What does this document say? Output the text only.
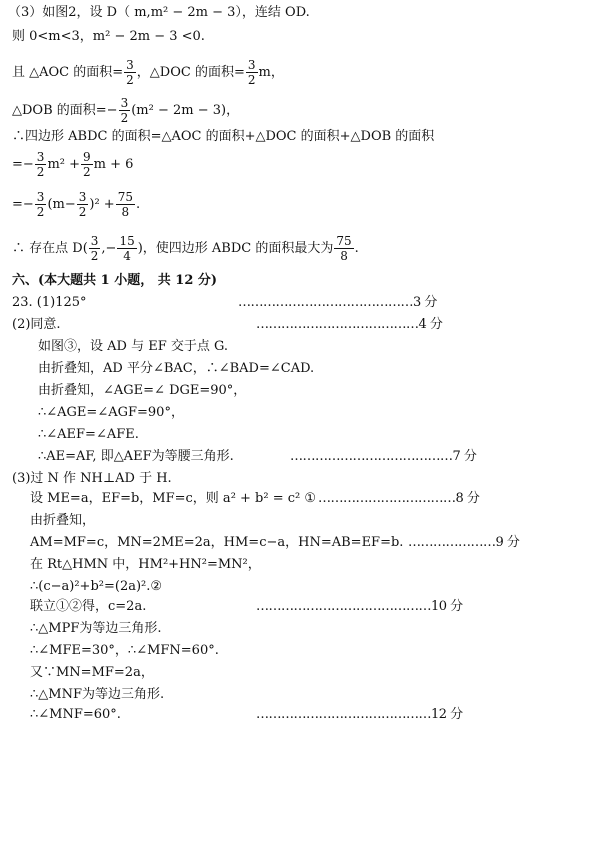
（3）如图2，设 D（ m,m² − 2m − 3），连结 OD.
则 0<m<3，m² − 2m − 3 <0.
且 △AOC 的面积= $\frac{3}{2}$ ，△DOC 的面积= $\frac{3}{2}$ m，
△DOB 的面积=− $\frac{3}{2} (m^2 - 2m - 3)$，
∴四边形 ABDC 的面积=△AOC 的面积+△DOC 的面积+△DOB 的面积
=− $\frac{3}{2} m^2 + \frac{9}{2}$ m + 6
=− $\frac{3}{2} (m- \frac{3}{2} )^2 + \frac{75}{8}$ .
∴ 存在点 $D( \frac{3}{2}$ ,− $\frac{15}{4}$ )，使四边形 ABDC 的面积最大为 $\frac{75}{8}$ .
六、(本大题共 1 小题， 共 12 分)
23. (1)125°	……………………………………3 分
(2)同意.	…………………………………4 分
如图③，设 AD 与 EF 交于点 G.
由折叠知，AD 平分∠BAC，∴∠BAD=∠CAD.
由折叠知，∠AGE=∠ DGE=90°，
∴∠AGE=∠AGF=90°，
∴∠AEF=∠AFE.
∴AE=AF, 即△AEF为等腰三角形.	…………………………………7 分
(3)过 N 作 NH⊥AD 于 H.
设 ME=a，EF=b，MF=c，则 a² + b² = c² ① ……………………………8 分
由折叠知，
AM=MF=c，MN=2ME=2a，HM=c−a，HN=AB=EF=b. …………………9 分
在 Rt△HMN 中，HM²+HN²=MN²，
∴(c−a)²+b²=(2a)².②
联立①②得，c=2a.	……………………………………10 分
∴△MPF为等边三角形.
∴∠MFE=30°，∴∠MFN=60°.
又∵MN=MF=2a，
∴△MNF为等边三角形.
∴∠MNF=60°.	……………………………………12 分
